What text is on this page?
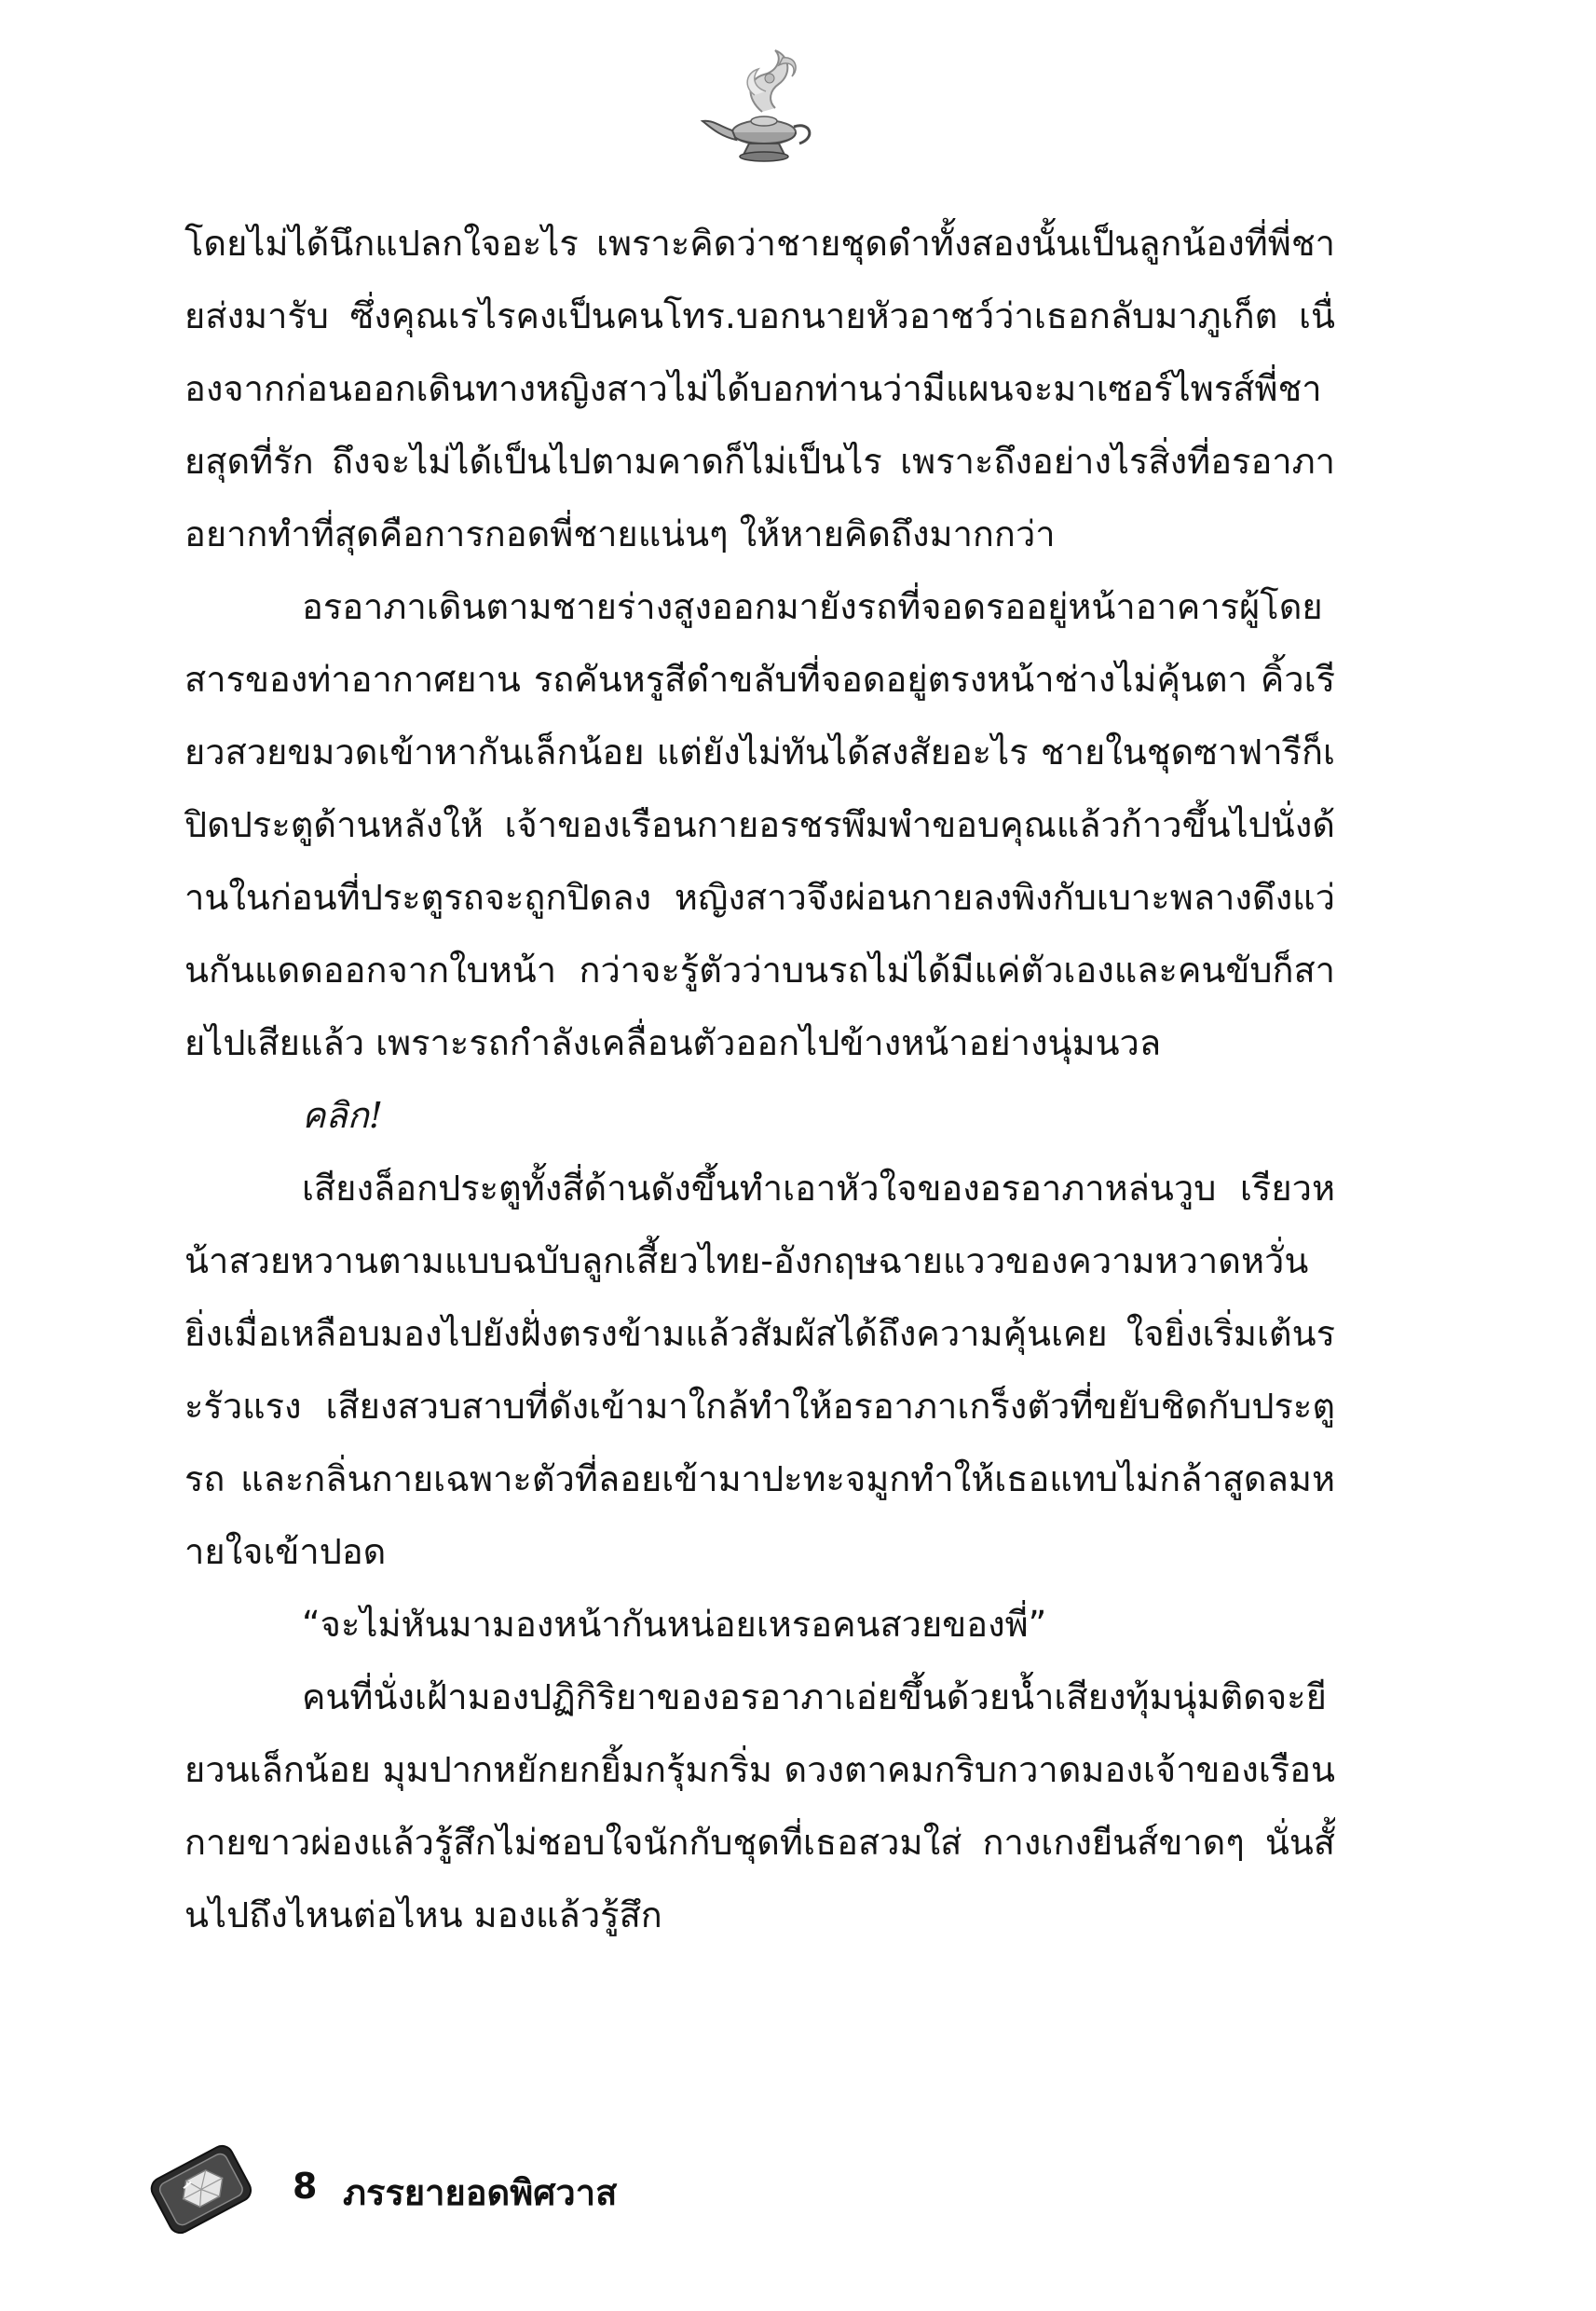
โดยไม่ได้นึกแปลกใจอะไร เพราะคิดว่าชายชุดดำทั้งสองนั้นเป็นลูกน้องที่พี่ชายส่งมารับ ซึ่งคุณเรไรคงเป็นคนโทร.บอกนายหัวอาชว์ว่าเธอกลับมาภูเก็ต เนื่องจากก่อนออกเดินทางหญิงสาวไม่ได้บอกท่านว่ามีแผนจะมาเซอร์ไพรส์พี่ชายสุดที่รัก ถึงจะไม่ได้เป็นไปตามคาดก็ไม่เป็นไร เพราะถึงอย่างไรสิ่งที่อรอาภาอยากทำที่สุดคือการกอดพี่ชายแน่นๆ ให้หายคิดถึงมากกว่า

อรอาภาเดินตามชายร่างสูงออกมายังรถที่จอดรออยู่หน้าอาคารผู้โดยสารของท่าอากาศยาน รถคันหรูสีดำขลับที่จอดอยู่ตรงหน้าช่างไม่คุ้นตา คิ้วเรียวสวยขมวดเข้าหากันเล็กน้อย แต่ยังไม่ทันได้สงสัยอะไร ชายในชุดซาฟารีก็เปิดประตูด้านหลังให้ เจ้าของเรือนกายอรชรพึมพำขอบคุณแล้วก้าวขึ้นไปนั่งด้านในก่อนที่ประตูรถจะถูกปิดลง หญิงสาวจึงผ่อนกายลงพิงกับเบาะพลางดึงแว่นกันแดดออกจากใบหน้า กว่าจะรู้ตัวว่าบนรถไม่ได้มีแค่ตัวเองและคนขับก็สายไปเสียแล้ว เพราะรถกำลังเคลื่อนตัวออกไปข้างหน้าอย่างนุ่มนวล

คลิก!

เสียงล็อกประตูทั้งสี่ด้านดังขึ้นทำเอาหัวใจของอรอาภาหล่นวูบ เรียวหน้าสวยหวานตามแบบฉบับลูกเสี้ยวไทย-อังกฤษฉายแววของความหวาดหวั่น ยิ่งเมื่อเหลือบมองไปยังฝั่งตรงข้ามแล้วสัมผัสได้ถึงความคุ้นเคย ใจยิ่งเริ่มเต้นระรัวแรง เสียงสวบสาบที่ดังเข้ามาใกล้ทำให้อรอาภาเกร็งตัวที่ขยับชิดกับประตูรถ และกลิ่นกายเฉพาะตัวที่ลอยเข้ามาปะทะจมูกทำให้เธอแทบไม่กล้าสูดลมหายใจเข้าปอด

“จะไม่หันมามองหน้ากันหน่อยเหรอคนสวยของพี่”

คนที่นั่งเฝ้ามองปฏิกิริยาของอรอาภาเอ่ยขึ้นด้วยน้ำเสียงทุ้มนุ่มติดจะยียวนเล็กน้อย มุมปากหยักยกยิ้มกรุ้มกริ่ม ดวงตาคมกริบกวาดมองเจ้าของเรือนกายขาวผ่องแล้วรู้สึกไม่ชอบใจนักกับชุดที่เธอสวมใส่ กางเกงยีนส์ขาดๆ นั่นสั้นไปถึงไหนต่อไหน มองแล้วรู้สึก

8 ภรรยายอดพิศวาส
